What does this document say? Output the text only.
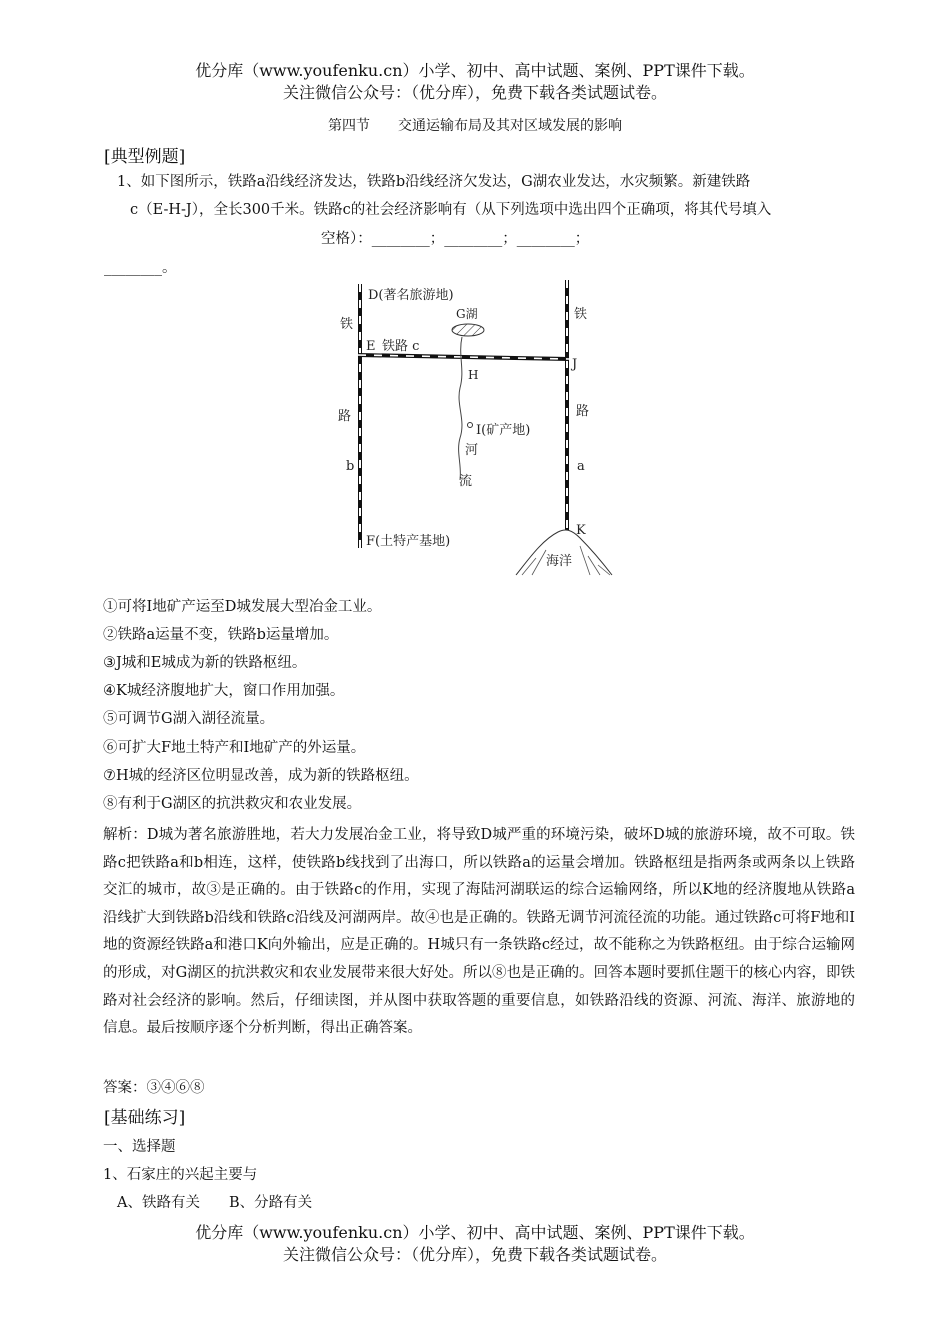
优分库（www.youfenku.cn）小学、初中、高中试题、案例、PPT课件下载。
关注微信公众号：（优分库），免费下载各类试题试卷。
第四节　　交通运输布局及其对区域发展的影响
[典型例题]
1、如下图所示，铁路a沿线经济发达，铁路b沿线经济欠发达，G湖农业发达，水灾频繁。新建铁路
c（E-H-J），全长300千米。铁路c的社会经济影响有（从下列选项中选出四个正确项，将其代号填入
空格）：________；________；________；
________。
D(著名旅游地)
G湖
E 铁路 c
J
H
I(矿产地)
河
流
铁
路
b
铁
路
a
K
F(土特产基地)
海洋
①可将I地矿产运至D城发展大型冶金工业。
②铁路a运量不变，铁路b运量增加。
③J城和E城成为新的铁路枢纽。
④K城经济腹地扩大，窗口作用加强。
⑤可调节G湖入湖径流量。
⑥可扩大F地土特产和I地矿产的外运量。
⑦H城的经济区位明显改善，成为新的铁路枢纽。
⑧有利于G湖区的抗洪救灾和农业发展。
解析：D城为著名旅游胜地，若大力发展冶金工业，将导致D城严重的环境污染，破坏D城的旅游环境，故不可取。铁路c把铁路a和b相连，这样，使铁路b线找到了出海口，所以铁路a的运量会增加。铁路枢纽是指两条或两条以上铁路交汇的城市，故③是正确的。由于铁路c的作用，实现了海陆河湖联运的综合运输网络，所以K地的经济腹地从铁路a沿线扩大到铁路b沿线和铁路c沿线及河湖两岸。故④也是正确的。铁路无调节河流径流的功能。通过铁路c可将F地和I地的资源经铁路a和港口K向外输出，应是正确的。H城只有一条铁路c经过，故不能称之为铁路枢纽。由于综合运输网的形成，对G湖区的抗洪救灾和农业发展带来很大好处。所以⑧也是正确的。回答本题时要抓住题干的核心内容，即铁路对社会经济的影响。然后，仔细读图，并从图中获取答题的重要信息，如铁路沿线的资源、河流、海洋、旅游地的信息。最后按顺序逐个分析判断，得出正确答案。
答案：③④⑥⑧
[基础练习]
一、选择题
1、石家庄的兴起主要与
A、铁路有关　　B、分路有关
优分库（www.youfenku.cn）小学、初中、高中试题、案例、PPT课件下载。
关注微信公众号：（优分库），免费下载各类试题试卷。
